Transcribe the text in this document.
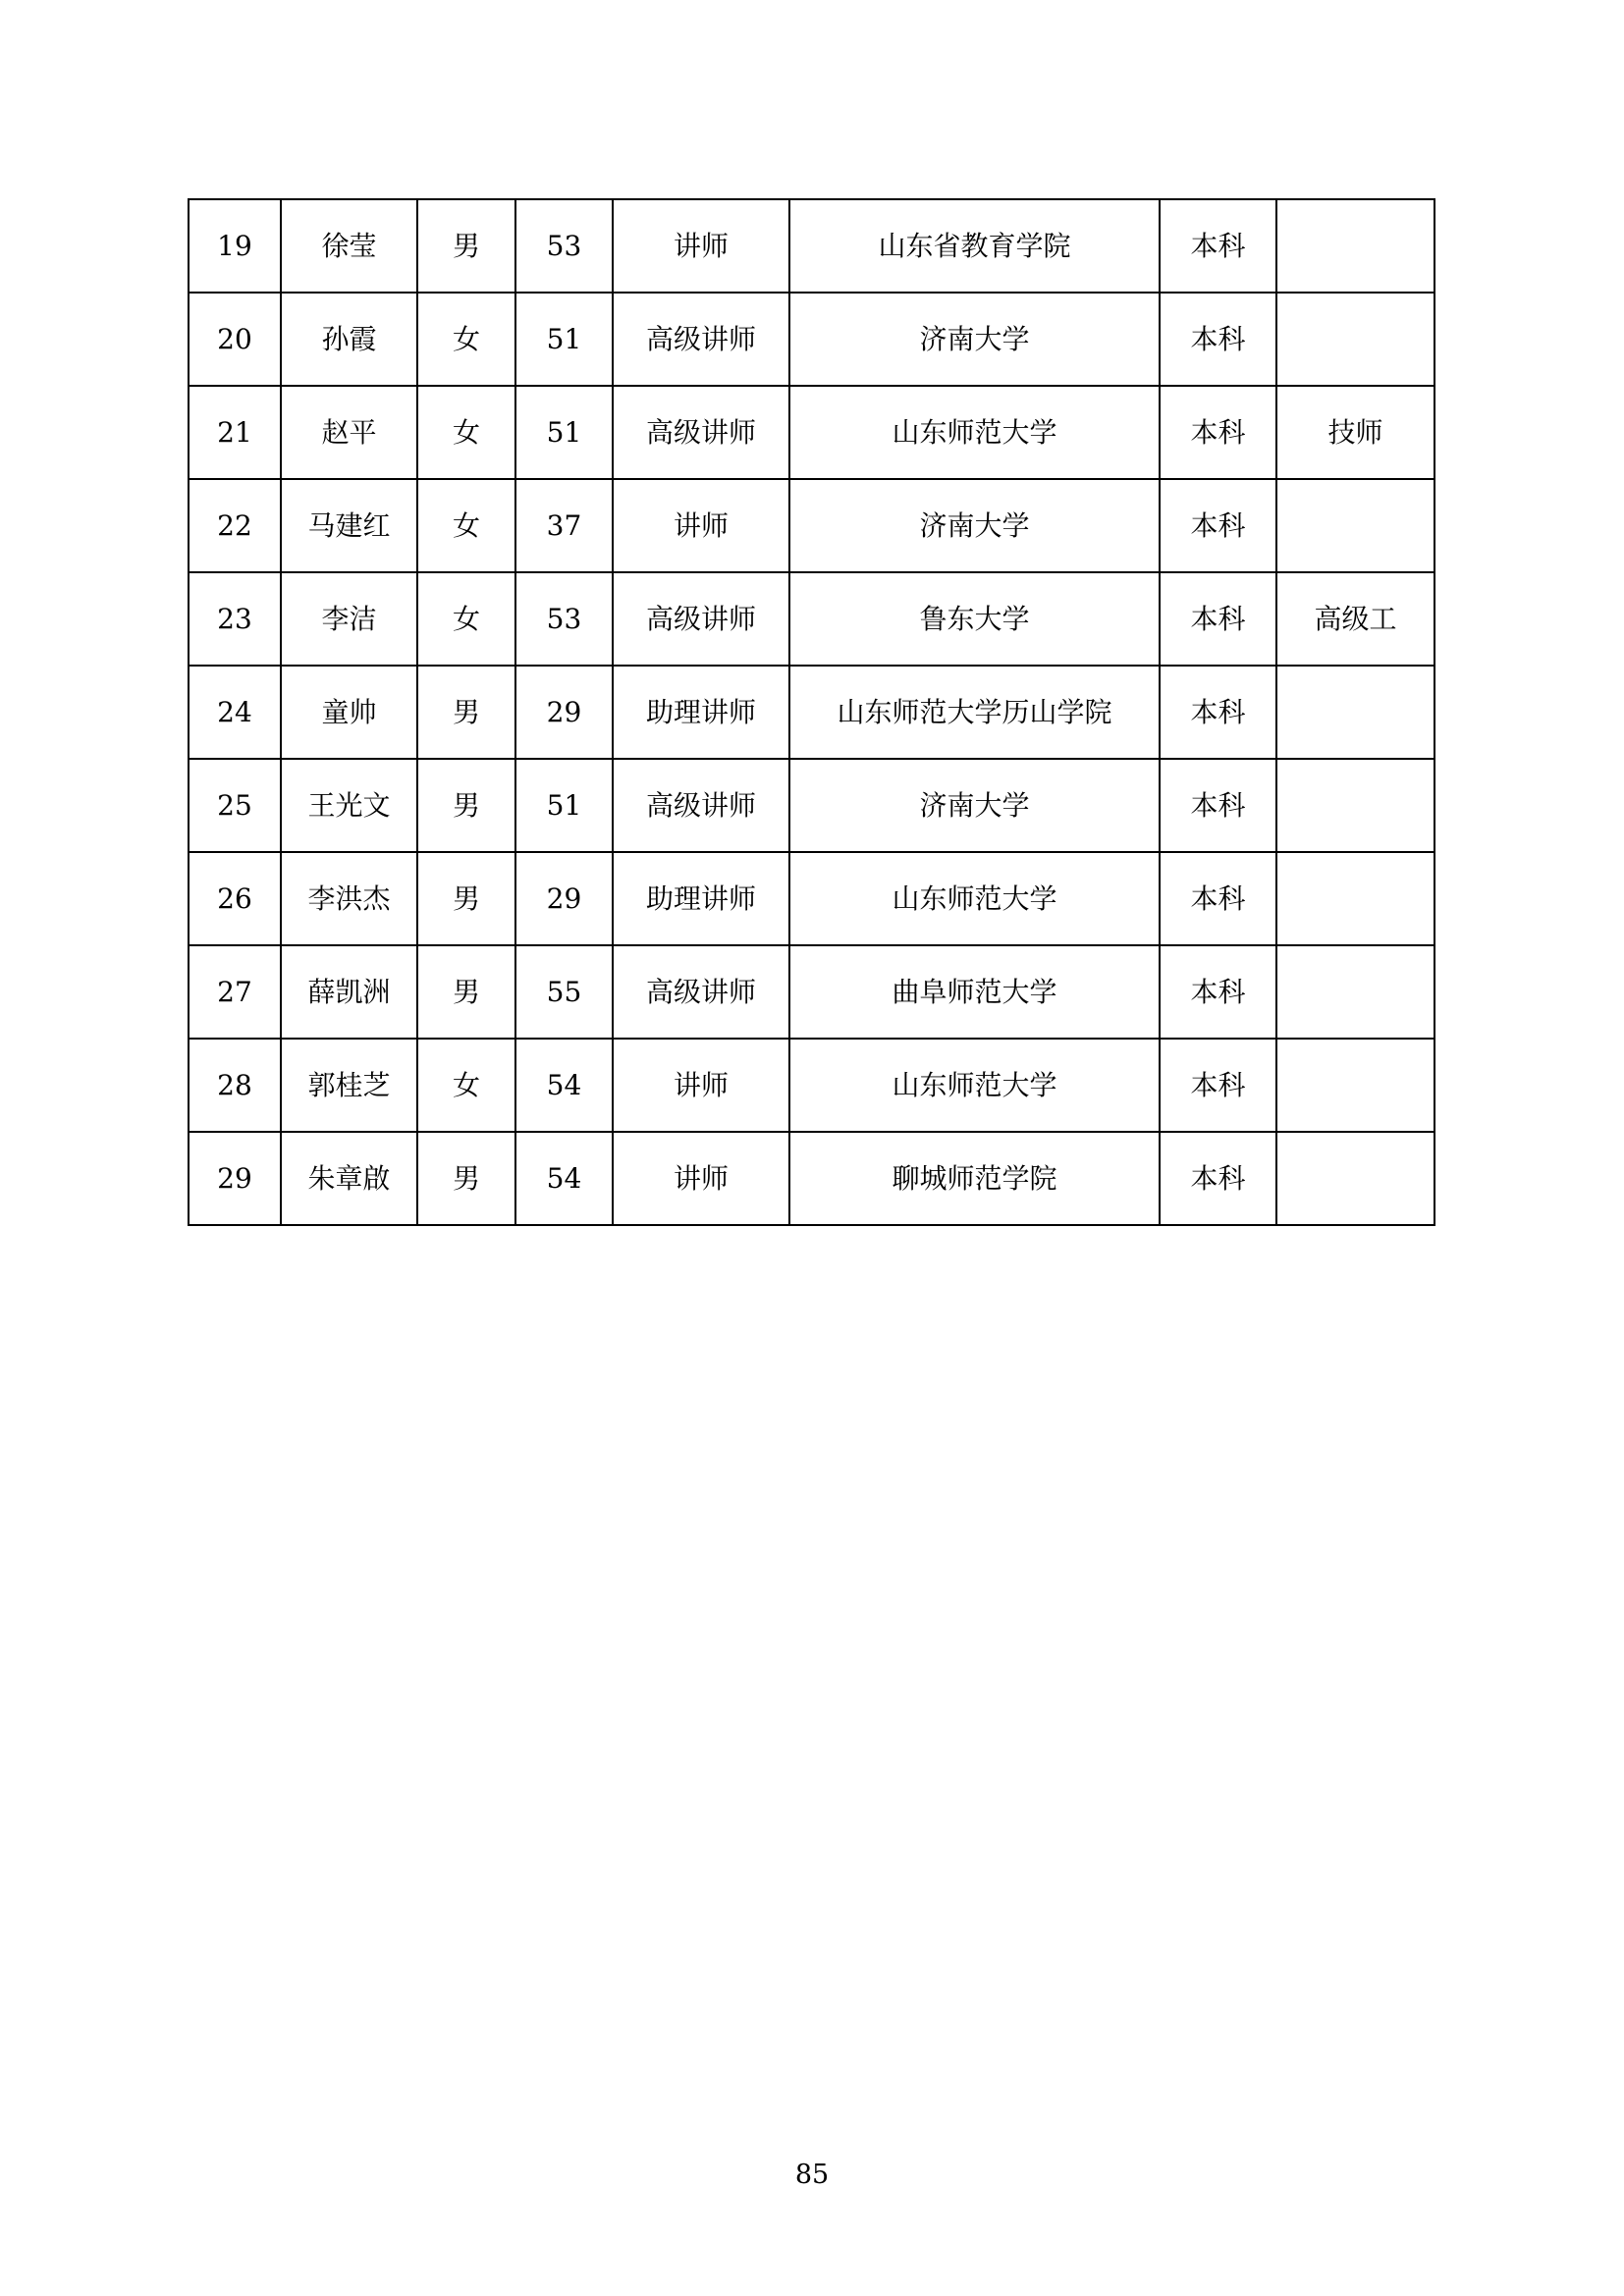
19	徐莹	男	53	讲师	山东省教育学院	本科	
20	孙霞	女	51	高级讲师	济南大学	本科	
21	赵平	女	51	高级讲师	山东师范大学	本科	技师
22	马建红	女	37	讲师	济南大学	本科	
23	李洁	女	53	高级讲师	鲁东大学	本科	高级工
24	童帅	男	29	助理讲师	山东师范大学历山学院	本科	
25	王光文	男	51	高级讲师	济南大学	本科	
26	李洪杰	男	29	助理讲师	山东师范大学	本科	
27	薛凯洲	男	55	高级讲师	曲阜师范大学	本科	
28	郭桂芝	女	54	讲师	山东师范大学	本科	
29	朱章啟	男	54	讲师	聊城师范学院	本科	
85
